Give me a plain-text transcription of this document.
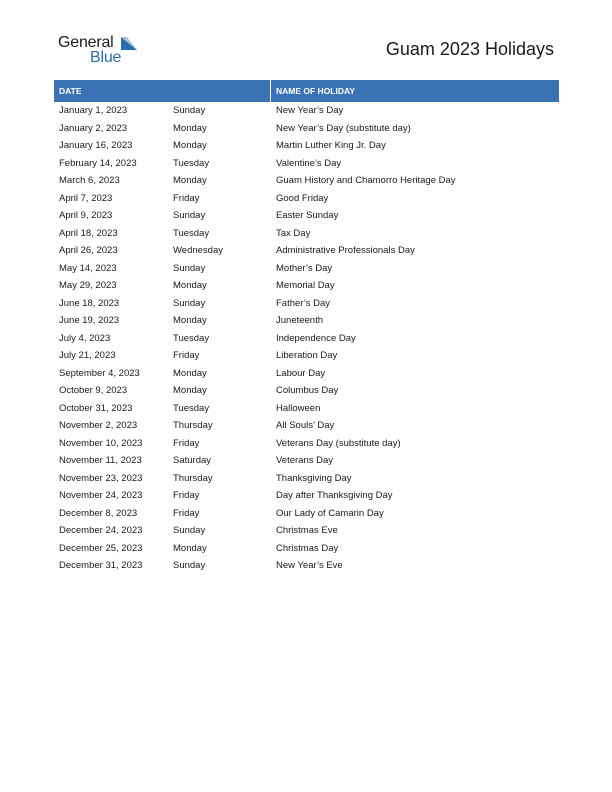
General
Blue	Guam 2023 Holidays
DATE	NAME OF HOLIDAY
January 1, 2023	Sunday	New Year’s Day
January 2, 2023	Monday	New Year’s Day (substitute day)
January 16, 2023	Monday	Martin Luther King Jr. Day
February 14, 2023	Tuesday	Valentine’s Day
March 6, 2023	Monday	Guam History and Chamorro Heritage Day
April 7, 2023	Friday	Good Friday
April 9, 2023	Sunday	Easter Sunday
April 18, 2023	Tuesday	Tax Day
April 26, 2023	Wednesday	Administrative Professionals Day
May 14, 2023	Sunday	Mother’s Day
May 29, 2023	Monday	Memorial Day
June 18, 2023	Sunday	Father’s Day
June 19, 2023	Monday	Juneteenth
July 4, 2023	Tuesday	Independence Day
July 21, 2023	Friday	Liberation Day
September 4, 2023	Monday	Labour Day
October 9, 2023	Monday	Columbus Day
October 31, 2023	Tuesday	Halloween
November 2, 2023	Thursday	All Souls’ Day
November 10, 2023	Friday	Veterans Day (substitute day)
November 11, 2023	Saturday	Veterans Day
November 23, 2023	Thursday	Thanksgiving Day
November 24, 2023	Friday	Day after Thanksgiving Day
December 8, 2023	Friday	Our Lady of Camarin Day
December 24, 2023	Sunday	Christmas Eve
December 25, 2023	Monday	Christmas Day
December 31, 2023	Sunday	New Year’s Eve
